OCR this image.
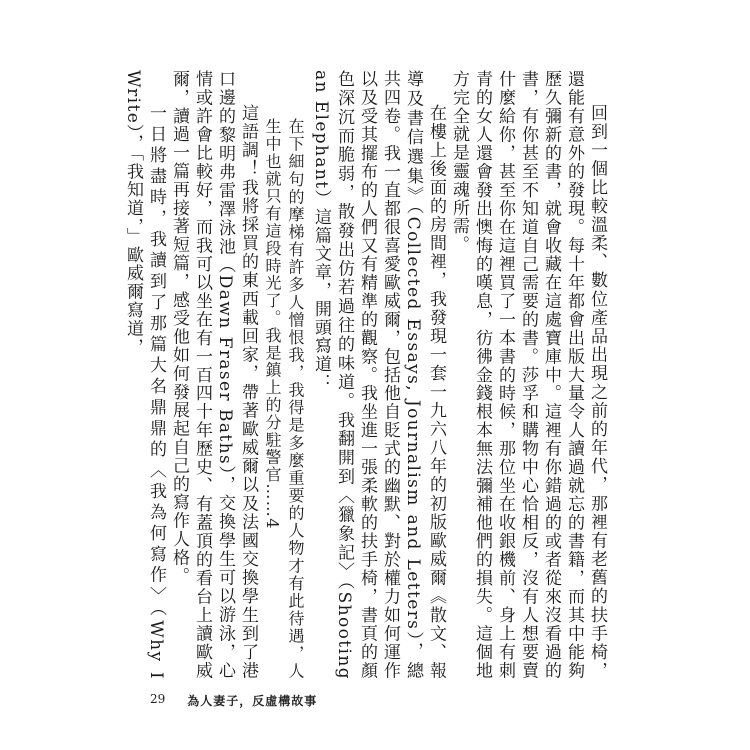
回到一個比較溫柔、數位產品出現之前的年代，那裡有老舊的扶手椅，還能有意外的發現。每十年都會出版大量令人讀過就忘的書籍，而其中能夠歷久彌新的書，就會收藏在這處寶庫中。這裡有你錯過的或者從來沒看過的書，有你甚至不知道自己需要的書。莎孚和購物中心恰相反，沒有人想要賣什麼給你，甚至你在這裡買了一本書的時候，那位坐在收銀機前、身上有刺青的女人還會發出懊悔的嘆息，彷彿金錢根本無法彌補他們的損失。這個地方完全就是靈魂所需。

在樓上後面的房間裡，我發現一套一九六八年的初版歐威爾《散文、報導及書信選集》（Collected Essays, Journalism and Letters），總共四卷。我一直都很喜愛歐威爾，包括他自貶式的幽默、對於權力如何運作以及受其擺布的人們又有精準的觀察。我坐進一張柔軟的扶手椅，書頁的顏色深沉而脆弱，散發出仿若過往的味道。我翻開到〈獵象記〉（Shooting an Elephant）這篇文章，開頭寫道：

在下細句的摩梯有許多人憎恨我，我得是多麼重要的人物才有此待遇，人生中也就只有這段時光了。我是鎮上的分駐警官……4

這語調！我將採買的東西載回家，帶著歐威爾以及法國交換學生到了港口邊的黎明弗雷澤泳池（Dawn Fraser Baths），交換學生可以游泳，心情或許會比較好，而我可以坐在有一百四十年歷史、有蓋頂的看台上讀歐威爾，讀過一篇再接著短篇，感受他如何發展起自己的寫作人格。

一日將盡時，我讀到了那篇大名鼎鼎的〈我為何寫作〉（Why I Write），「我知道，」歐威爾寫道，

29 為人妻子，反虛構故事
